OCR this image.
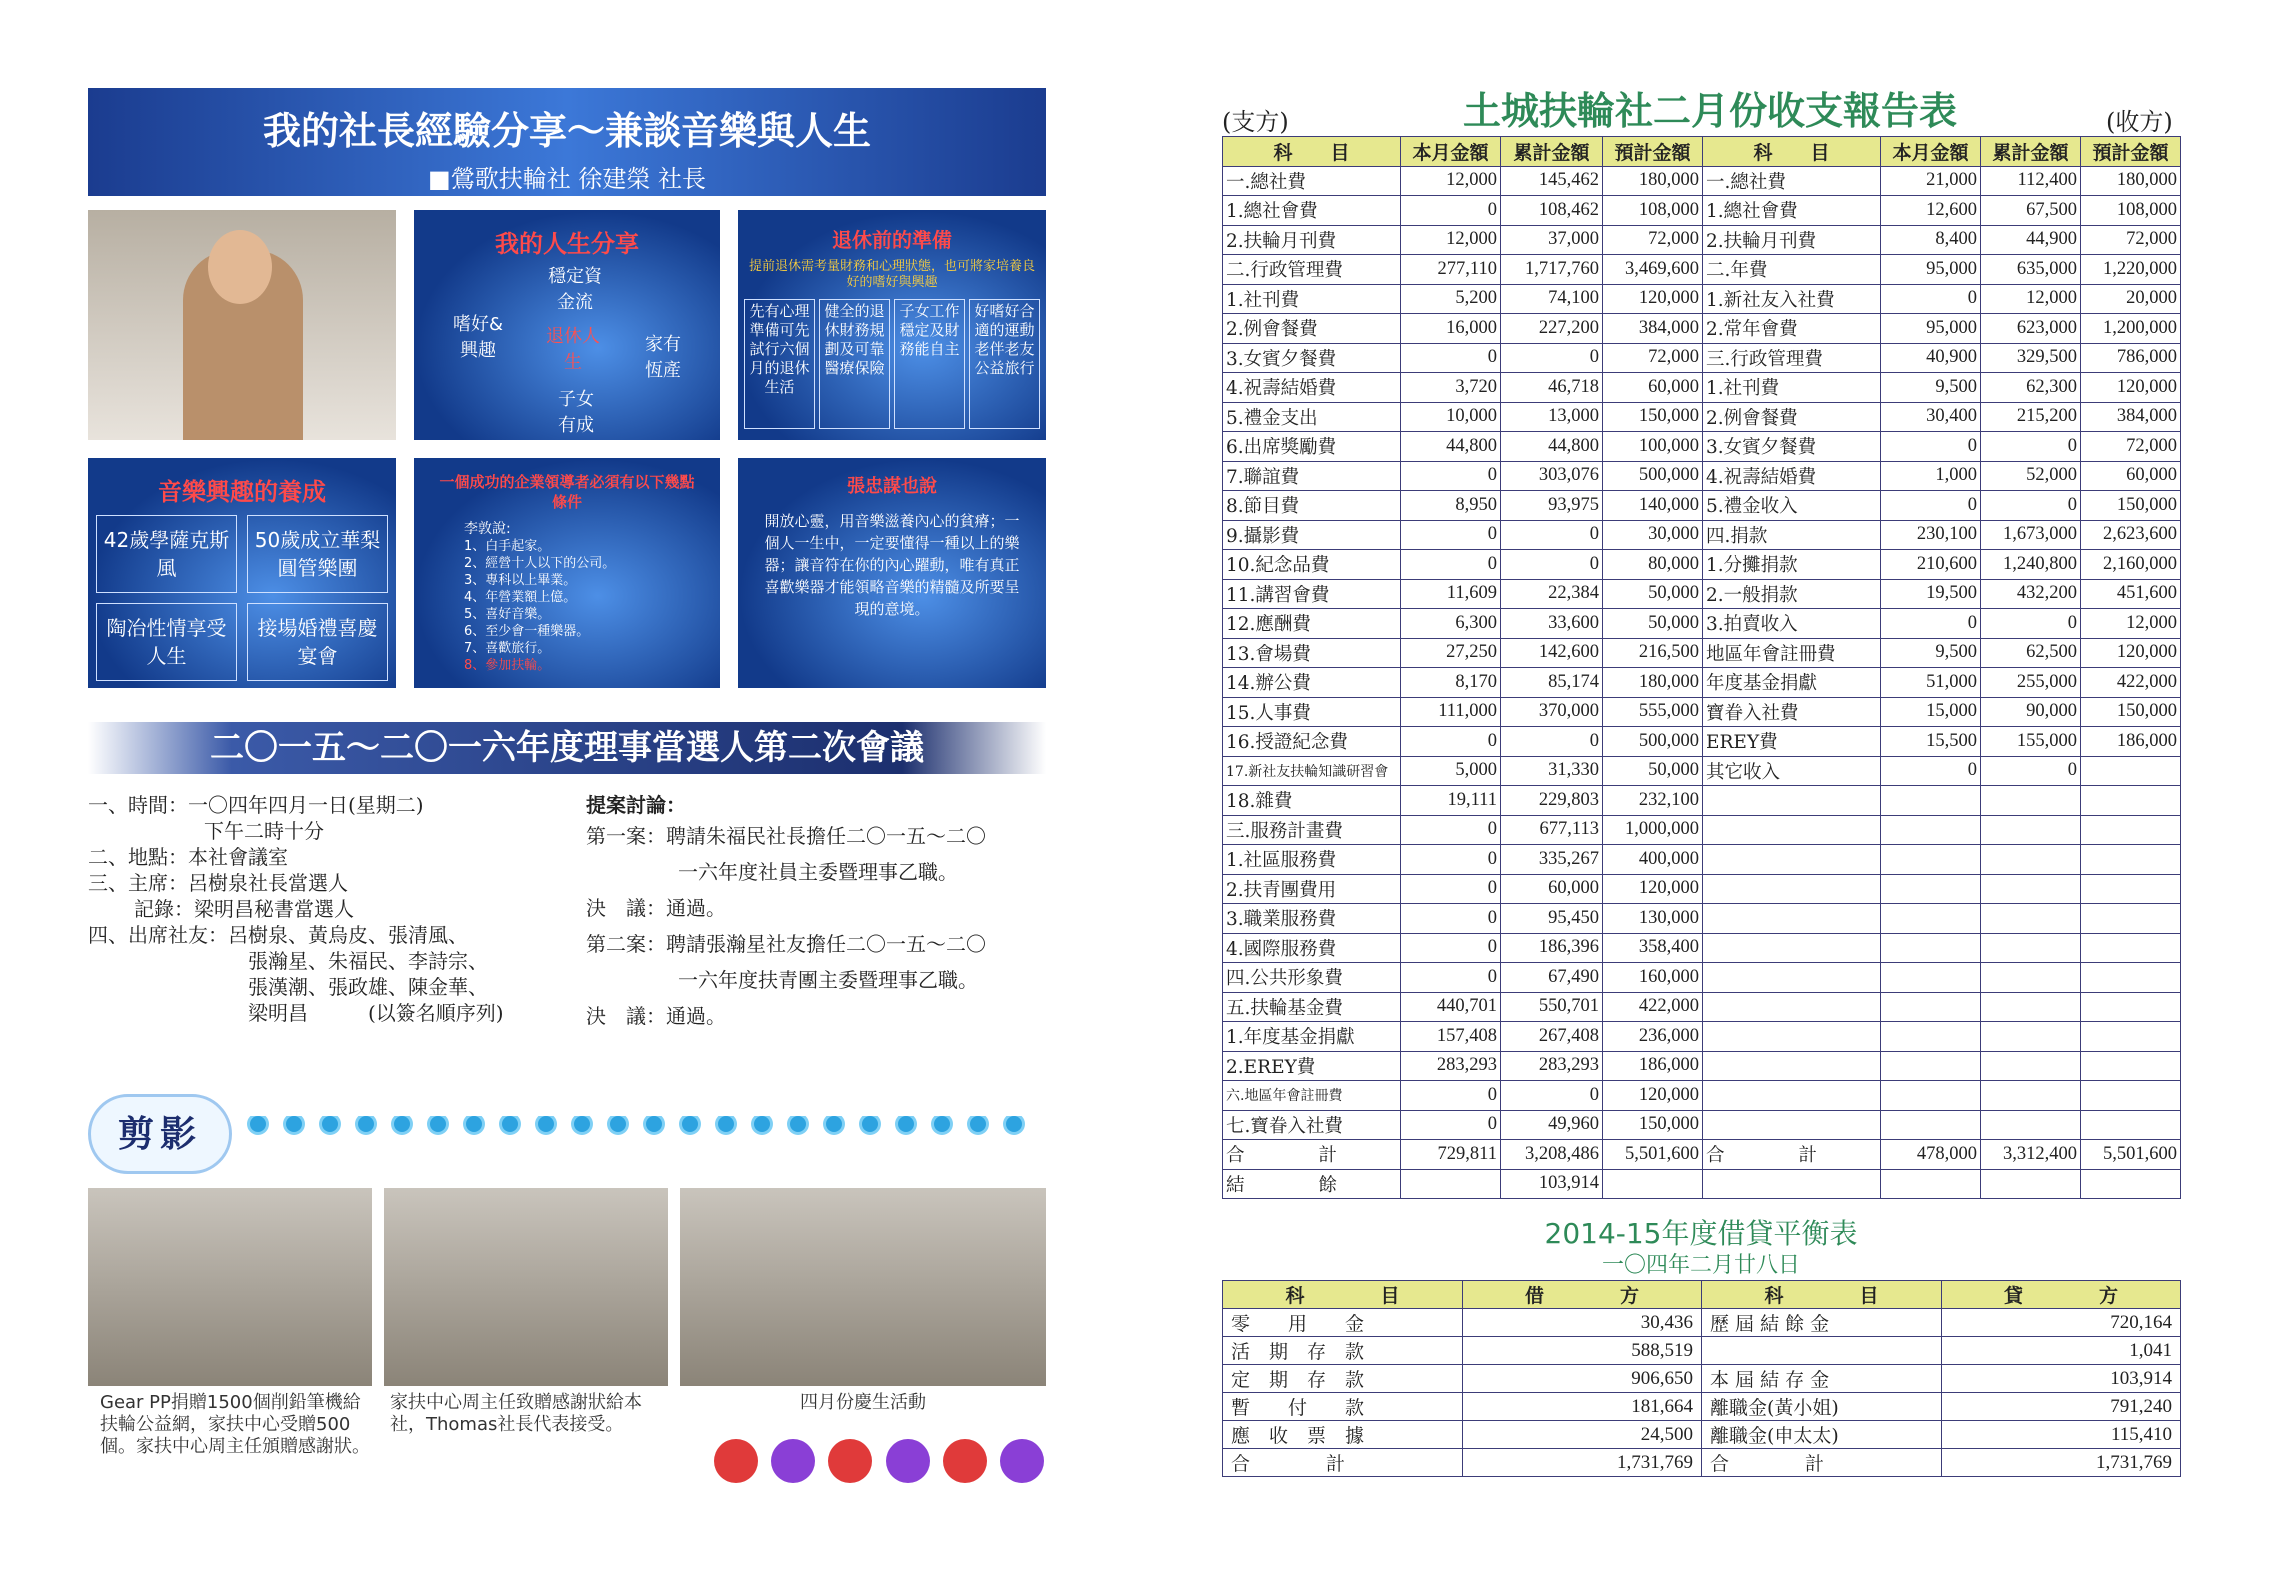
我的社長經驗分享～兼談音樂與人生
■鶯歌扶輪社 徐建榮 社長
我的人生分享
穩定資金流
嗜好&興趣
退休人生
家有恆產
子女有成
退休前的準備
提前退休需考量財務和心理狀態，也可將家培養良好的嗜好與興趣
先有心理準備可先試行六個月的退休生活
健全的退休財務規劃及可靠醫療保險
子女工作穩定及財務能自主
好嗜好合適的運動老伴老友公益旅行
音樂興趣的養成
42歲學薩克斯風
50歲成立華梨圓管樂團
陶冶性情享受人生
接場婚禮喜慶宴會
一個成功的企業領導者必須有以下幾點條件
李敦說:
1、白手起家。
2、經營十人以下的公司。
3、專科以上畢業。
4、年營業額上億。
5、喜好音樂。
6、至少會一種樂器。
7、喜歡旅行。
8、參加扶輪。
張忠謀也說
開放心靈，用音樂滋養內心的貧瘠；一個人一生中，一定要懂得一種以上的樂器；讓音符在你的內心躍動，唯有真正 喜歡樂器才能領略音樂的精髓及所要呈現的意境。
二〇一五～二〇一六年度理事當選人第二次會議
一、時間：一〇四年四月一日(星期二)
下午二時十分
二、地點：本社會議室
三、主席：呂樹泉社長當選人
記錄：梁明昌秘書當選人
四、出席社友：呂樹泉、黃烏皮、張清風、
張瀚星、朱福民、李詩宗、
張漢潮、張政雄、陳金華、
梁明昌　　　(以簽名順序列)
提案討論：
第一案：聘請朱福民社長擔任二〇一五～二〇
一六年度社員主委暨理事乙職。
決　議：通過。
第二案：聘請張瀚星社友擔任二〇一五～二〇
一六年度扶青團主委暨理事乙職。
決　議：通過。
剪影
Gear PP捐贈1500個削鉛筆機給扶輪公益網，家扶中心受贈500個。家扶中心周主任頒贈感謝狀。
家扶中心周主任致贈感謝狀給本社，Thomas社長代表接受。
四月份慶生活動
(支方)	土城扶輪社二月份收支報告表	(收方)
科　　目	本月金額	累計金額	預計金額	科　　目	本月金額	累計金額	預計金額
一.總社費	12,000	145,462	180,000	一.總社費	21,000	112,400	180,000
1.總社會費	0	108,462	108,000	1.總社會費	12,600	67,500	108,000
2.扶輪月刊費	12,000	37,000	72,000	2.扶輪月刊費	8,400	44,900	72,000
二.行政管理費	277,110	1,717,760	3,469,600	二.年費	95,000	635,000	1,220,000
1.社刊費	5,200	74,100	120,000	1.新社友入社費	0	12,000	20,000
2.例會餐費	16,000	227,200	384,000	2.常年會費	95,000	623,000	1,200,000
3.女賓夕餐費	0	0	72,000	三.行政管理費	40,900	329,500	786,000
4.祝壽結婚費	3,720	46,718	60,000	1.社刊費	9,500	62,300	120,000
5.禮金支出	10,000	13,000	150,000	2.例會餐費	30,400	215,200	384,000
6.出席獎勵費	44,800	44,800	100,000	3.女賓夕餐費	0	0	72,000
7.聯誼費	0	303,076	500,000	4.祝壽結婚費	1,000	52,000	60,000
8.節目費	8,950	93,975	140,000	5.禮金收入	0	0	150,000
9.攝影費	0	0	30,000	四.捐款	230,100	1,673,000	2,623,600
10.紀念品費	0	0	80,000	1.分攤捐款	210,600	1,240,800	2,160,000
11.講習會費	11,609	22,384	50,000	2.一般捐款	19,500	432,200	451,600
12.應酬費	6,300	33,600	50,000	3.拍賣收入	0	0	12,000
13.會場費	27,250	142,600	216,500	地區年會註冊費	9,500	62,500	120,000
14.辦公費	8,170	85,174	180,000	年度基金捐獻	51,000	255,000	422,000
15.人事費	111,000	370,000	555,000	寶眷入社費	15,000	90,000	150,000
16.授證紀念費	0	0	500,000	EREY費	15,500	155,000	186,000
17.新社友扶輪知識研習會	5,000	31,330	50,000	其它收入	0	0	
18.雜費	19,111	229,803	232,100				
三.服務計畫費	0	677,113	1,000,000				
1.社區服務費	0	335,267	400,000				
2.扶青團費用	0	60,000	120,000				
3.職業服務費	0	95,450	130,000				
4.國際服務費	0	186,396	358,400				
四.公共形象費	0	67,490	160,000				
五.扶輪基金費	440,701	550,701	422,000				
1.年度基金捐獻	157,408	267,408	236,000				
2.EREY費	283,293	283,293	186,000				
六.地區年會註冊費	0	0	120,000				
七.寶眷入社費	0	49,960	150,000				
合　　　　計	729,811	3,208,486	5,501,600	合　　　　計	478,000	3,312,400	5,501,600
結　　　　餘		103,914					
2014-15年度借貸平衡表
一〇四年二月廿八日
科　　　　目	借　　　　方	科　　　　目	貸　　　　方
零　　用　　金	30,436	歷 屆 結 餘 金	720,164
活　期　存　款	588,519		1,041
定　期　存　款	906,650	本 屆 結 存 金	103,914
暫　　付　　款	181,664	離職金(黃小姐)	791,240
應　收　票　據	24,500	離職金(申太太)	115,410
合　　　　計	1,731,769	合　　　　計	1,731,769
